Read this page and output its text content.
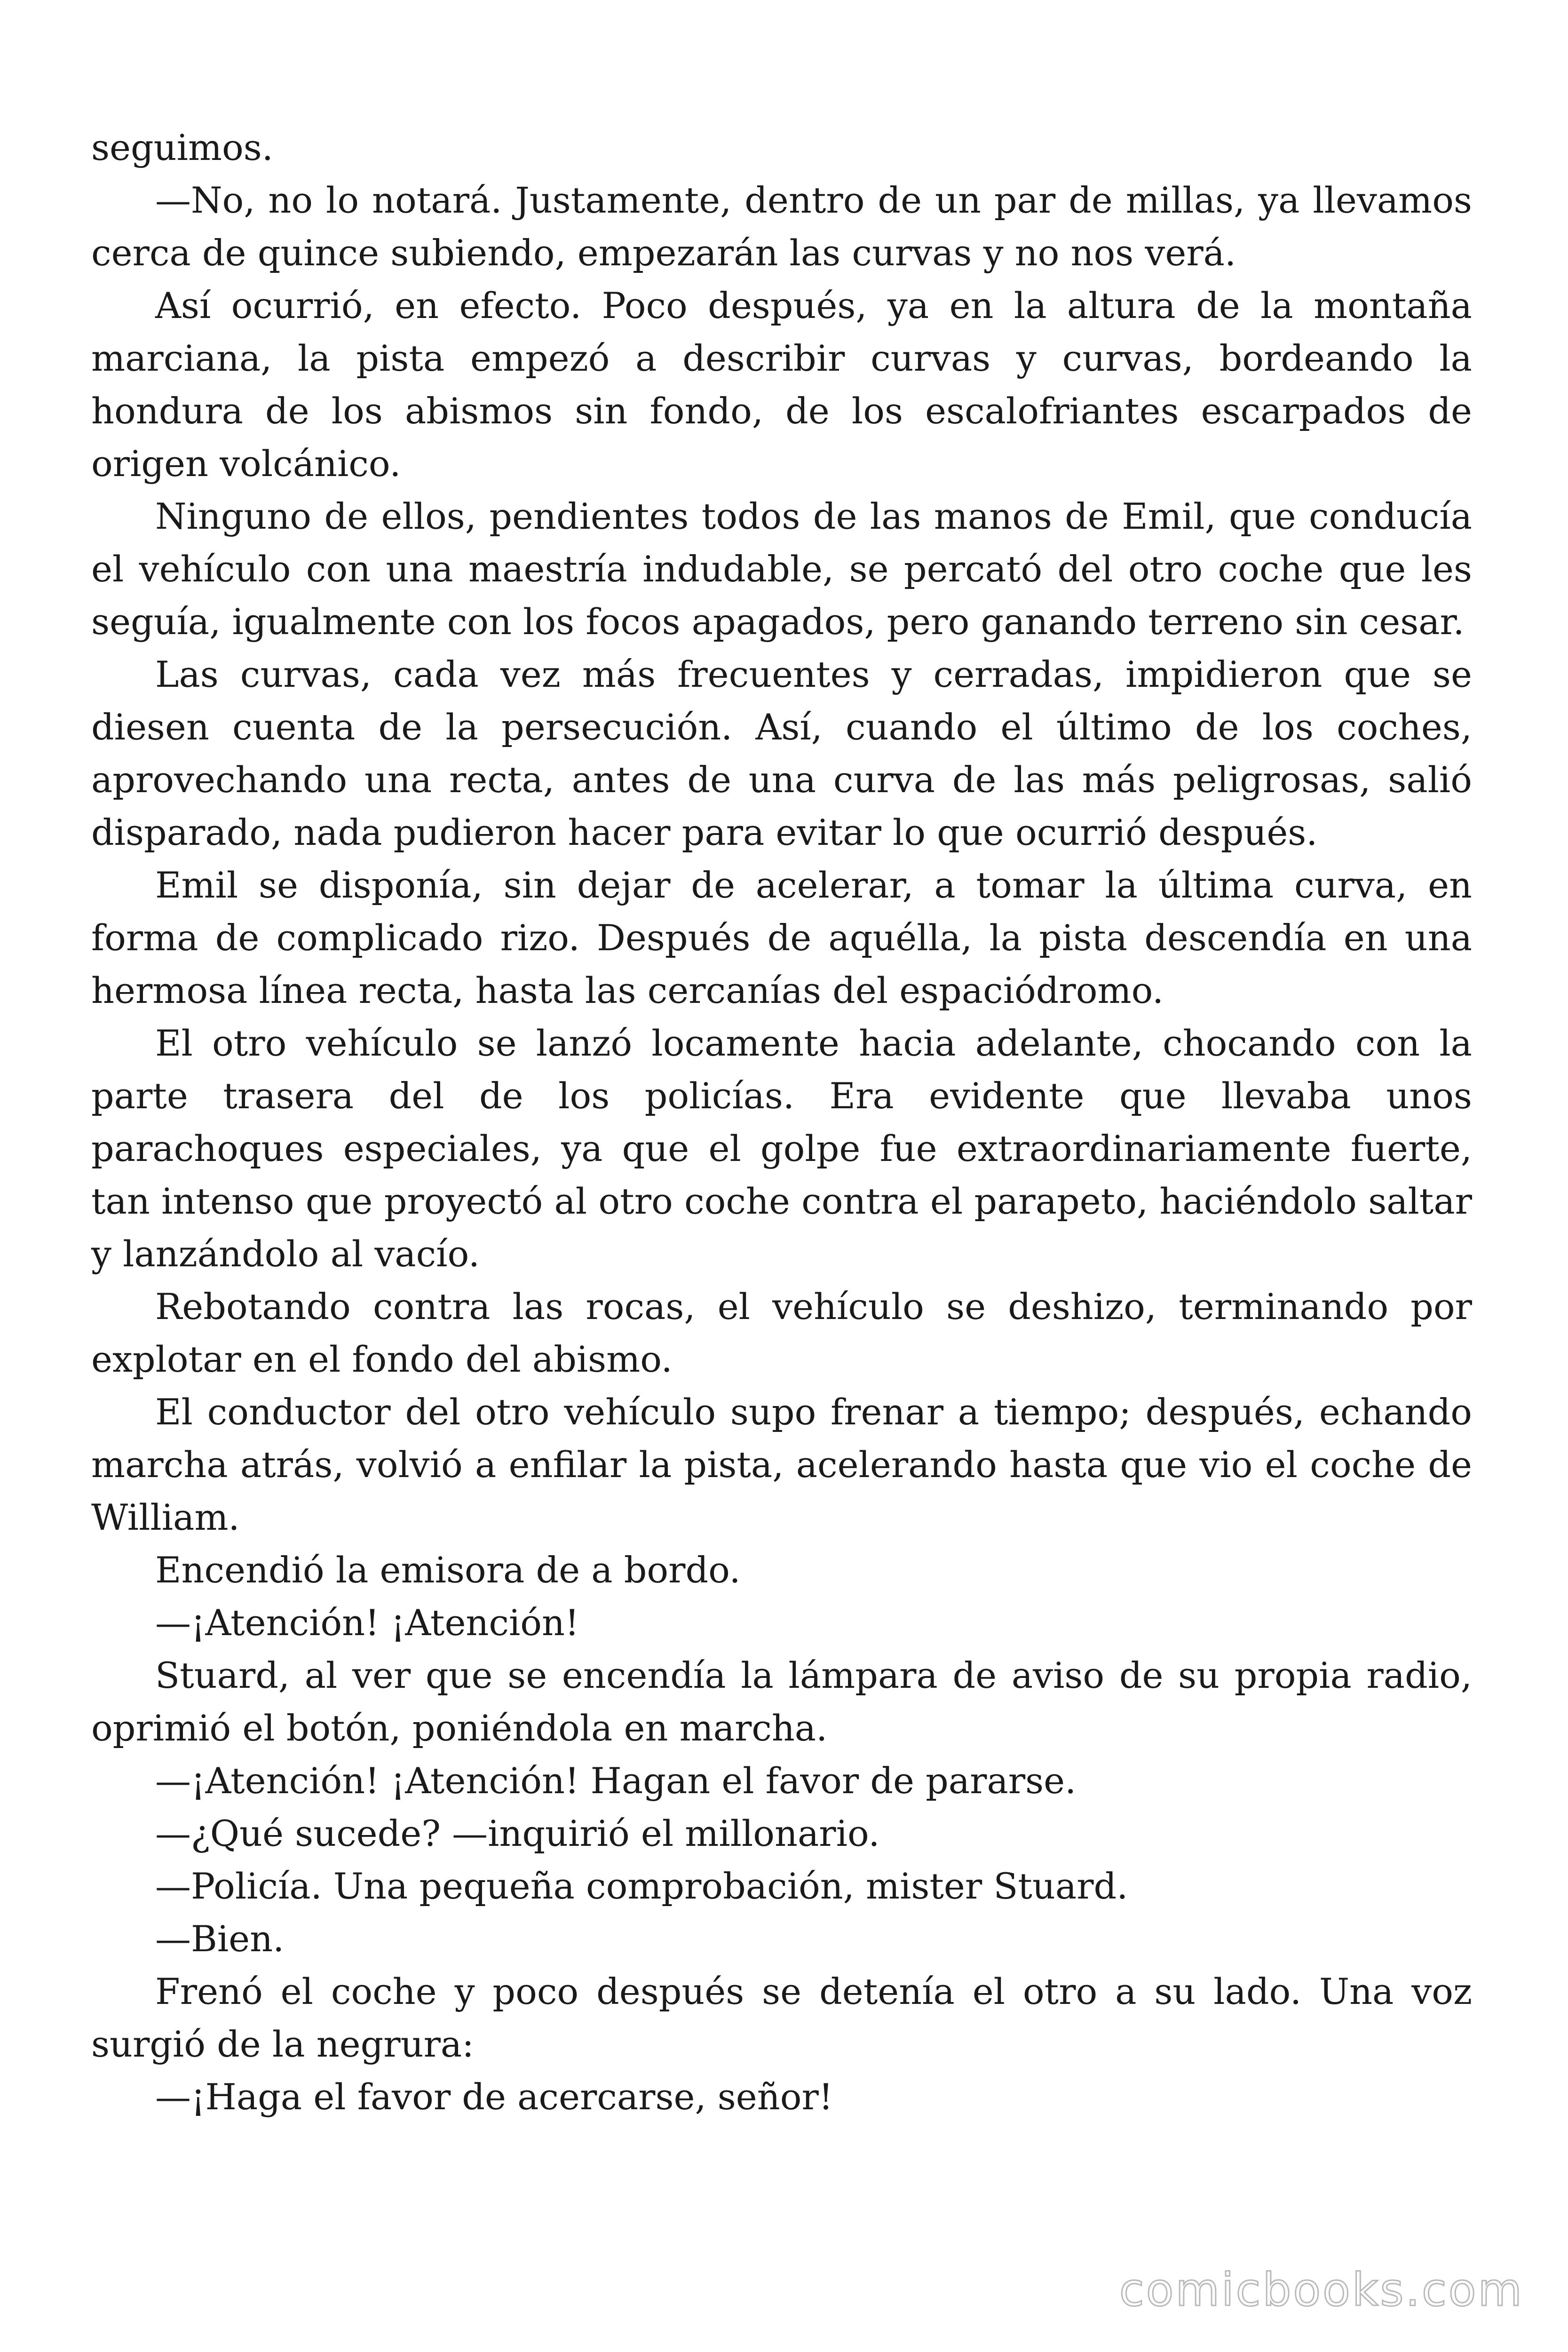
seguimos.

—No, no lo notará. Justamente, dentro de un par de millas, ya llevamos cerca de quince subiendo, empezarán las curvas y no nos verá.

Así ocurrió, en efecto. Poco después, ya en la altura de la montaña marciana, la pista empezó a describir curvas y curvas, bordeando la hondura de los abismos sin fondo, de los escalofriantes escarpados de origen volcánico.

Ninguno de ellos, pendientes todos de las manos de Emil, que conducía el vehículo con una maestría indudable, se percató del otro coche que les seguía, igualmente con los focos apagados, pero ganando terreno sin cesar.

Las curvas, cada vez más frecuentes y cerradas, impidieron que se diesen cuenta de la persecución. Así, cuando el último de los coches, aprovechando una recta, antes de una curva de las más peligrosas, salió disparado, nada pudieron hacer para evitar lo que ocurrió después.

Emil se disponía, sin dejar de acelerar, a tomar la última curva, en forma de complicado rizo. Después de aquélla, la pista descendía en una hermosa línea recta, hasta las cercanías del espaciódromo.

El otro vehículo se lanzó locamente hacia adelante, chocando con la parte trasera del de los policías. Era evidente que llevaba unos parachoques especiales, ya que el golpe fue extraordinariamente fuerte, tan intenso que proyectó al otro coche contra el parapeto, haciéndolo saltar y lanzándolo al vacío.

Rebotando contra las rocas, el vehículo se deshizo, terminando por explotar en el fondo del abismo.

El conductor del otro vehículo supo frenar a tiempo; después, echando marcha atrás, volvió a enfilar la pista, acelerando hasta que vio el coche de William.

Encendió la emisora de a bordo.

—¡Atención! ¡Atención!

Stuard, al ver que se encendía la lámpara de aviso de su propia radio, oprimió el botón, poniéndola en marcha.

—¡Atención! ¡Atención! Hagan el favor de pararse.

—¿Qué sucede? —inquirió el millonario.

—Policía. Una pequeña comprobación, mister Stuard.

—Bien.

Frenó el coche y poco después se detenía el otro a su lado. Una voz surgió de la negrura:

—¡Haga el favor de acercarse, señor!

comicbooks.com
